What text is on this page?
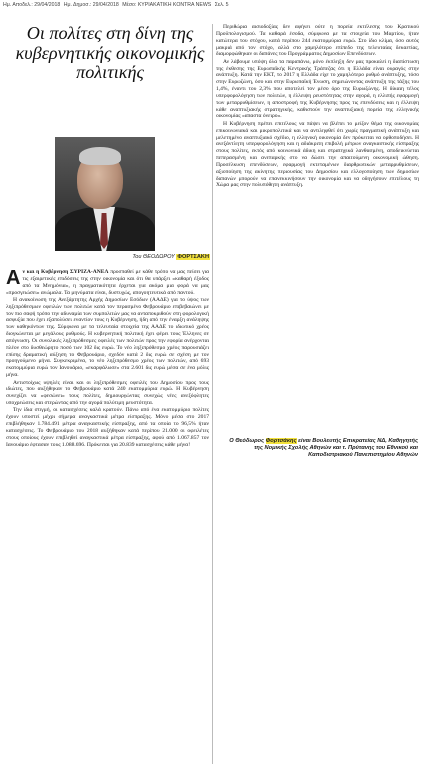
Ημ. Αποδελ.: 29/04/2018 Ημ. Δημοσ.: 29/04/2018 Μέσο: ΚΥΡΙΑΚΑΤΙΚΗ ΚONTRA NEWS Σελ. 5
Οι πολίτες στη δίνη της κυβερνητικής οικονομικής πολιτικής
Του ΘΕΟΔΩΡΟΥ ΦΟΡΤΣΑΚΗ

Αν και η Κυβέρνηση ΣΥΡΙΖΑ-ΑΝΕΛ προσπαθεί με κάθε τρόπο να μας πείσει για τις εξαιρετικές επιδόσεις της στην οικονομία και ότι θα υπάρξει «καθαρή έξοδος από τα Μνημόνια», η πραγματικότητα έρχεται για ακόμα μια φορά να μας «προσγειώσει» ανώμαλα. Τα μηνύματα είναι, δυστυχώς, απογοητευτικά από παντού.

Η ανακοίνωση της Ανεξάρτητης Αρχής Δημοσίων Εσόδων (ΑΑΔΕ) για το ύψος των ληξιπρόθεσμων οφειλών των πολιτών κατά τον περασμένο Φεβρουάριο επιβεβαιώνει με τον πιο σαφή τρόπο την αδυναμία των συμπολιτών μας να ανταποκριθούν στη φορολογική ασφυξία που έχει εξαπολύσει εναντίον τους η Κυβέρνηση, ήδη από την έναρξη ανάληψης των καθηκόντων της. Σύμφωνα με τα τελευταία στοιχεία της ΑΑΔΕ το ιδιωτικό χρέος διογκώνεται με μεγάλους ρυθμούς. Η κυβερνητική πολιτική έχει φέρει τους Έλληνες σε απόγνωση. Οι συνολικές ληξιπρόθεσμες οφειλές των πολιτών προς την εφορία ανέρχονται πλέον στο δυσθεώρητο ποσό των 102 δις ευρώ. Το νέο ληξιπρόθεσμο χρέος παρουσιάζει επίσης δραματική αύξηση το Φεβρουάριο, σχεδόν κατά 2 δις ευρώ σε σχέση με τον προηγούμενο μήνα. Συγκεκριμένα, το νέο ληξιπρόθεσμο χρέος των πολιτών, από 693 εκατομμύρια ευρώ τον Ιανουάριο, «εκαρφάλωσε» στα 2.601 δις ευρώ μέσα σε ένα μόλις μήνα.

Αντιστοίχως υψηλές είναι και οι ληξιπρόθεσμες οφειλές του Δημοσίου προς τους ιδιώτες, που αυξήθηκαν το Φεβρουάριο κατά 240 εκατομμύρια ευρώ. Η Κυβέρνηση συνεχίζει να «φεσώνει» τους πολίτες, δημιουργώντας συνεχώς νέες ανεξόφλητες υποχρεώσεις και στερώντας από την αγορά πολύτιμη ρευστότητα.

Την ίδια στιγμή, οι κατασχέσεις καλά κρατούν. Πάνω από ένα εκατομμύριο πολίτες έχουν υποστεί μέχρι σήμερα αναγκαστικά μέτρα είσπραξης. Μόνο μέσα στο 2017 επιβλήθηκαν 1.784.491 μέτρα αναγκαστικής είσπραξης, από τα οποία το 96,5% ήταν κατασχέσεις. Το Φεβρουάριο του 2018 αυξήθηκαν κατά περίπου 21.000 οι οφειλέτες στους οποίους έχουν επιβληθεί αναγκαστικά μέτρα είσπραξης, αφού από 1.067.857 τον Ιανουάριο έφτασαν τους 1.088.696. Πρόκειται για 20.839 κατασχέσεις κάθε μήνα!

Περιθώρια αισιοδοξίας δεν αφήνει ούτε η πορεία εκτέλεσης του Κρατικού Προϋπολογισμού. Τα καθαρά έσοδα, σύμφωνα με τα στοιχεία του Μαρτίου, ήταν κατώτερα του στόχου, κατά περίπου 244 εκατομμύρια ευρώ. Στο ίδιο κλίμα, όσο αυτός μακριά από τον στόχο, αλλά στο χαμηλότερο επίπεδο της τελευταίας δεκαετίας, διαμορφώθηκαν οι δαπάνες του Προγράμματος Δημοσίων Επενδύσεων.

Αν λάβουμε υπόψη όλα τα παραπάνω, μόνο έκπληξη δεν μας προκαλεί η διαπίστωση της έκθεσης της Ευρωπαϊκής Κεντρικής Τράπεζας ότι η Ελλάδα είναι ουραγός στην ανάπτυξη. Κατά την ΕΚΤ, το 2017 η Ελλάδα είχε το χαμηλότερο ρυθμό ανάπτυξης, τόσο στην Ευρωζώνη, όσο και στην Ευρωπαϊκή Ένωση, σημειώνοντας ανάπτυξη της τάξης του 1,4%, έναντι του 2,3% που αποτελεί τον μέσο όρο της Ευρωζώνης. Η δίκαιη τέλος υπερφορολόγηση των πολιτών, η έλλειψη ρευστότητας στην αγορά, η ελλιπής εφαρμογή των μεταρρυθμίσεων, η αποστροφή της Κυβέρνησης προς τις επενδύσεις και η έλλειψη κάθε αναπτυξιακής στρατηγικής, καθιστούν την αναπτυξιακή πορεία της ελληνικής οικονομίας «απαστα όνειρο».

Η Κυβέρνηση πρέπει επιτέλους να πάψει να βλέπει το μείζον θέμα της οικονομίας επικοινωνιακά και μικροπολιτικά και να αντιληφθεί ότι χωρίς πραγματική ανάπτυξη και μελετημένο αναπτυξιακό σχέδιο, η ελληνική οικονομία δεν πρόκειται να ορθοποδήσει. Η ανεξάντλητη υπερφορολόγηση και η αδιάκριτη επιβολή μέτρων αναγκαστικής είσπραξης στους πολίτες, εκτός από κοινωνικά άδικη και στρατηγικά λανθασμένη, αποδεικνύεται πεπερασμένη και ανεπαρκής στο να δώσει την απαιτούμενη οικονομική ώθηση. Προσέλκυση επενδύσεων, εφαρμογή εκτεταμένων διαρθρωτικών μεταρρυθμίσεων, αξιοποίηση της ακίνητης περιουσίας του Δημοσίου και ελλογοποίηση των δημοσίων δαπανών μπορούν να επανεκκινήσουν την οικονομία και να οδηγήσουν επιτέλους τη Χώρα μας στην πολυπόθητη ανάπτυξη.

Ο Θεόδωρος Φορτσάκης είναι Βουλευτής Επικρατείας ΝΔ, Καθηγητής της Νομικής Σχολής Αθηνών και τ. Πρύτανης του Εθνικού και Καποδιστριακού Πανεπιστημίου Αθηνών
